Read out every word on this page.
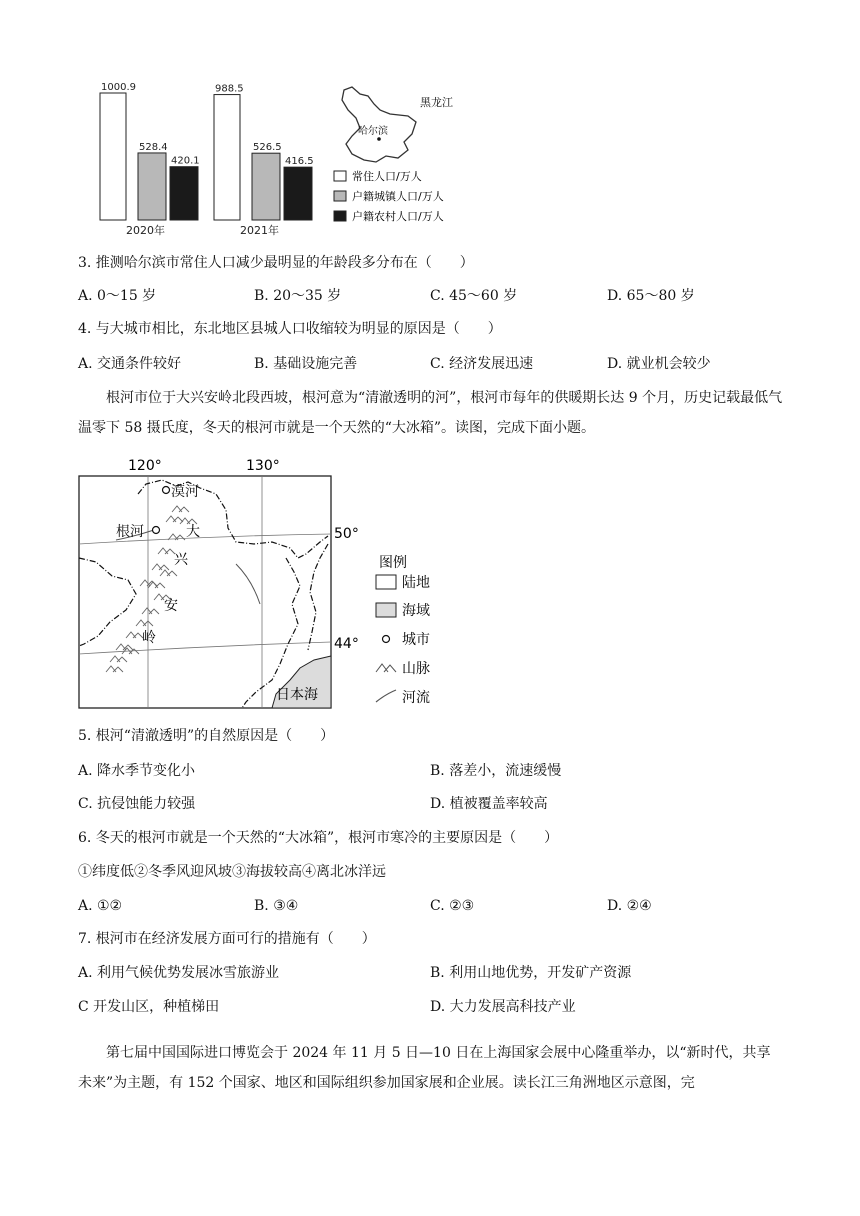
1000.9
528.4
420.1
988.5
526.5
416.5
2020年	2021年
黑龙江
哈尔滨
常住人口/万人
户籍城镇人口/万人
户籍农村人口/万人
3. 推测哈尔滨市常住人口减少最明显的年龄段多分布在（　　）
A. 0～15 岁	B. 20～35 岁	C. 45～60 岁	D. 65～80 岁
4. 与大城市相比，东北地区县城人口收缩较为明显的原因是（　　）
A. 交通条件较好	B. 基础设施完善	C. 经济发展迅速	D. 就业机会较少
根河市位于大兴安岭北段西坡，根河意为“清澈透明的河”，根河市每年的供暖期长达 9 个月，历史记载最低气温零下 58 摄氏度，冬天的根河市就是一个天然的“大冰箱”。读图，完成下面小题。
漠河
根河	大
兴
安
岭
日本海
120°	130°
50°
44°
图例
陆地
海域
城市
山脉
河流
5. 根河“清澈透明”的自然原因是（　　）
A. 降水季节变化小	B. 落差小，流速缓慢
C. 抗侵蚀能力较强	D. 植被覆盖率较高
6. 冬天的根河市就是一个天然的“大冰箱”，根河市寒冷的主要原因是（　　）
①纬度低②冬季风迎风坡③海拔较高④离北冰洋远
A. ①②	B. ③④	C. ②③	D. ②④
7. 根河市在经济发展方面可行的措施有（　　）
A. 利用气候优势发展冰雪旅游业	B. 利用山地优势，开发矿产资源
C 开发山区，种植梯田	D. 大力发展高科技产业
第七届中国国际进口博览会于 2024 年 11 月 5 日—10 日在上海国家会展中心隆重举办，以“新时代，共享未来”为主题，有 152 个国家、地区和国际组织参加国家展和企业展。读长江三角洲地区示意图，完
